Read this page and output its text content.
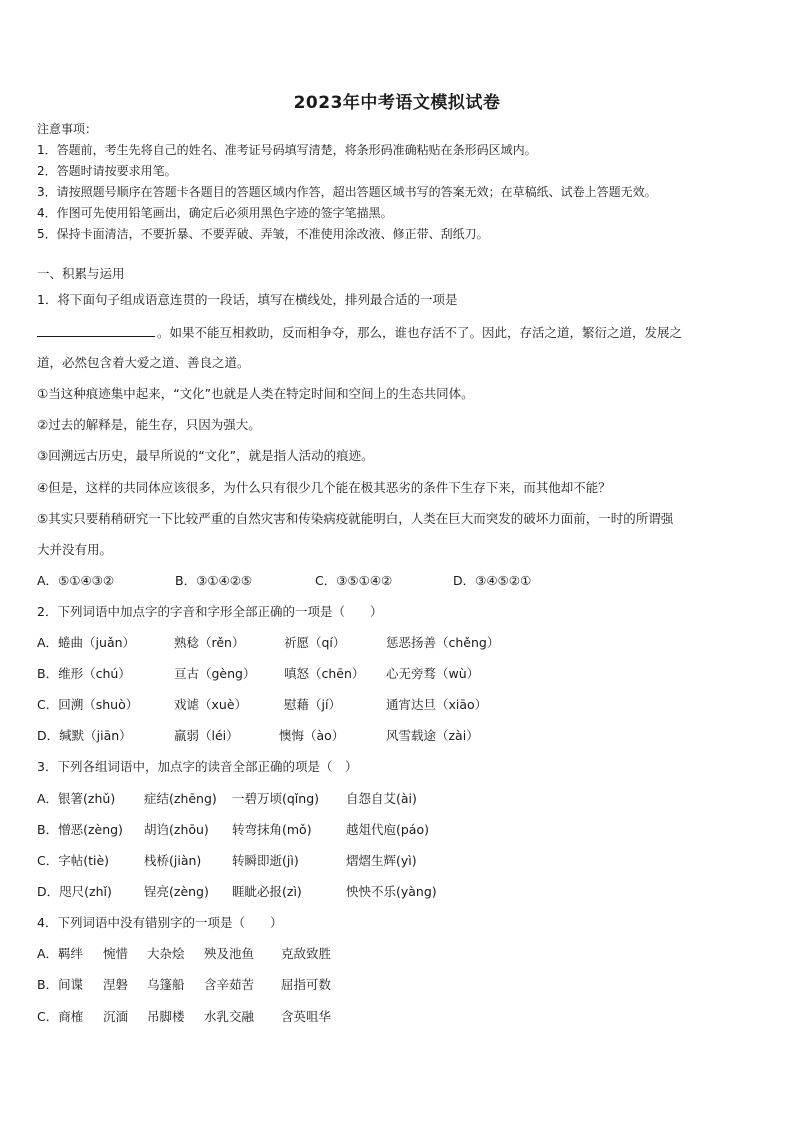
2023年中考语文模拟试卷
注意事项：
1．答题前，考生先将自己的姓名、准考证号码填写清楚，将条形码准确粘贴在条形码区域内。
2．答题时请按要求用笔。
3．请按照题号顺序在答题卡各题目的答题区域内作答，超出答题区域书写的答案无效；在草稿纸、试卷上答题无效。
4．作图可先使用铅笔画出，确定后必须用黑色字迹的签字笔描黑。
5．保持卡面清洁，不要折暴、不要弄破、弄皱，不准使用涂改液、修正带、刮纸刀。
一、积累与运用
1．将下面句子组成语意连贯的一段话，填写在横线处，排列最合适的一项是
。如果不能互相救助，反而相争夺，那么，谁也存活不了。因此，存活之道，繁衍之道，发展之
道，必然包含着大爱之道、善良之道。
①当这种痕迹集中起来，“文化”也就是人类在特定时间和空间上的生态共同体。
②过去的解释是，能生存，只因为强大。
③回溯远古历史，最早所说的“文化”，就是指人活动的痕迹。
④但是，这样的共同体应该很多，为什么只有很少几个能在极其恶劣的条件下生存下来，而其他却不能？
⑤其实只要稍稍研究一下比较严重的自然灾害和传染病疫就能明白，人类在巨大而突发的破坏力面前，一时的所谓强
大并没有用。
A．⑤①④③②	B．③①④②⑤	C．③⑤①④②	D．③④⑤②①
2．下列词语中加点字的字音和字形全部正确的一项是（　　）
A．蜷曲（juǎn）	熟稔（rěn）	祈愿（qí）	惩恶扬善（chěng）
B．维形（chú）	亘古（gèng） 嗔怒（chēn） 心无旁骛（wù）
C．回溯（shuò）	戏谑（xuè）	慰藉（jí）	通宵达旦（xiāo）
D．缄默（jiān）	羸弱（léi）	懊悔（ào）	风雪载途（zài）
3．下列各组词语中，加点字的读音全部正确的项是（　）
A．银箸(zhǔ) 症结(zhēng) 一碧万顷(qǐng) 自怨自艾(ài)
B．憎恶(zèng) 胡诌(zhōu) 转弯抹角(mǒ)	越俎代庖(páo)
C．字帖(tiè)	栈桥(jiàn) 转瞬即逝(jì)	熠熠生辉(yì)
D．咫尺(zhǐ)	锃亮(zèng) 睚眦必报(zì)	怏怏不乐(yàng)
4．下列词语中没有错别字的一项是（　　）
A．羁绊 惋惜 大杂烩 殃及池鱼 克敌致胜
B．间谍 涅磐 乌篷船 含辛茹苦 屈指可数
C．商榷 沉湎 吊脚楼 水乳交融 含英咀华
